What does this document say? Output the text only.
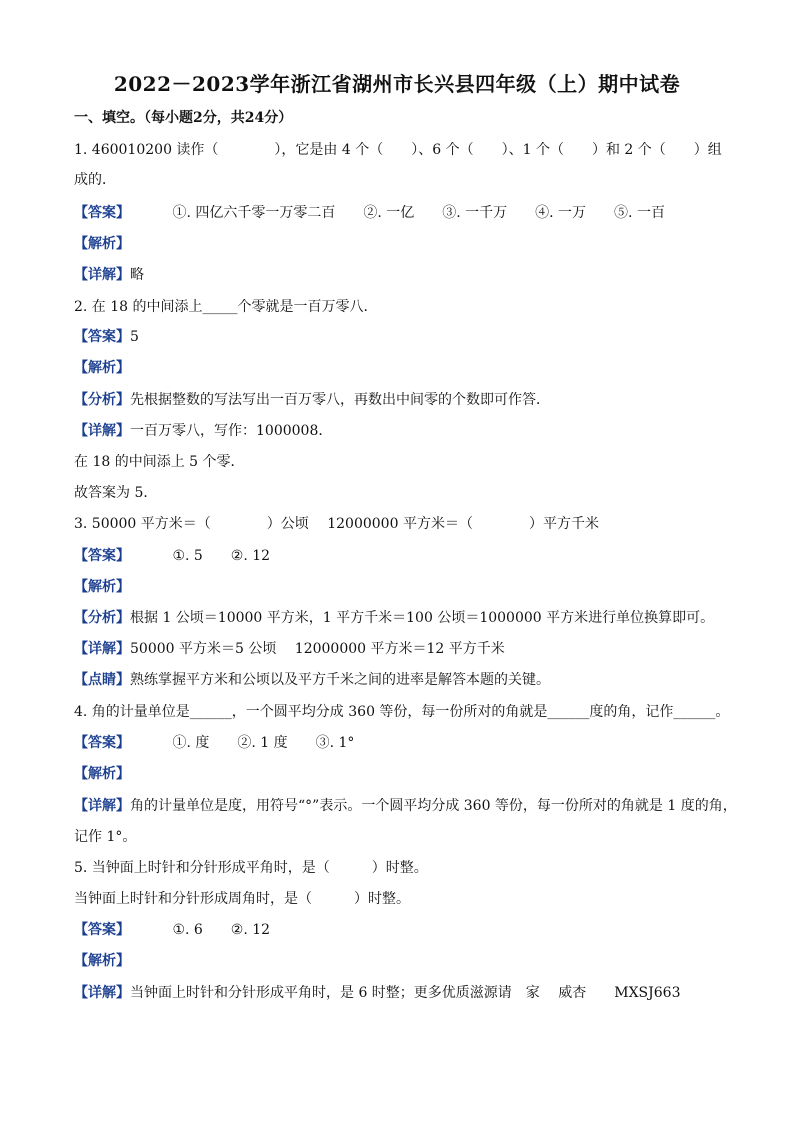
2022－2023学年浙江省湖州市长兴县四年级（上）期中试卷
一、填空。（每小题2分，共24分）
1. 460010200 读作（　　　　），它是由 4 个（　　）、6 个（　　）、1 个（　　）和 2 个（　　）组
成的．
【答案】	①. 四亿六千零一万零二百　　②. 一亿　　③. 一千万　　④. 一万　　⑤. 一百
【解析】
【详解】略
2. 在 18 的中间添上_____个零就是一百万零八．
【答案】5
【解析】
【分析】先根据整数的写法写出一百万零八，再数出中间零的个数即可作答．
【详解】一百万零八，写作：1000008．
在 18 的中间添上 5 个零．
故答案为 5．
3. 50000 平方米＝（　　　　）公顷　 12000000 平方米＝（　　　　）平方千米
【答案】	①. 5　　②. 12
【解析】
【分析】根据 1 公顷＝10000 平方米，1 平方千米＝100 公顷＝1000000 平方米进行单位换算即可。
【详解】50000 平方米＝5 公顷　 12000000 平方米＝12 平方千米
【点睛】熟练掌握平方米和公顷以及平方千米之间的进率是解答本题的关键。
4. 角的计量单位是______，一个圆平均分成 360 等份，每一份所对的角就是______度的角，记作______。
【答案】	①. 度　　②. 1 度　　③. 1°
【解析】
【详解】角的计量单位是度，用符号“°”表示。一个圆平均分成 360 等份，每一份所对的角就是 1 度的角，
记作 1°。
5. 当钟面上时针和分针形成平角时，是（　　　）时整。
当钟面上时针和分针形成周角时，是（　　　）时整。
【答案】	①. 6　　②. 12
【解析】
【详解】当钟面上时针和分针形成平角时，是 6 时整；更多优质滋源请　家　 威杏　　MXSJ663
